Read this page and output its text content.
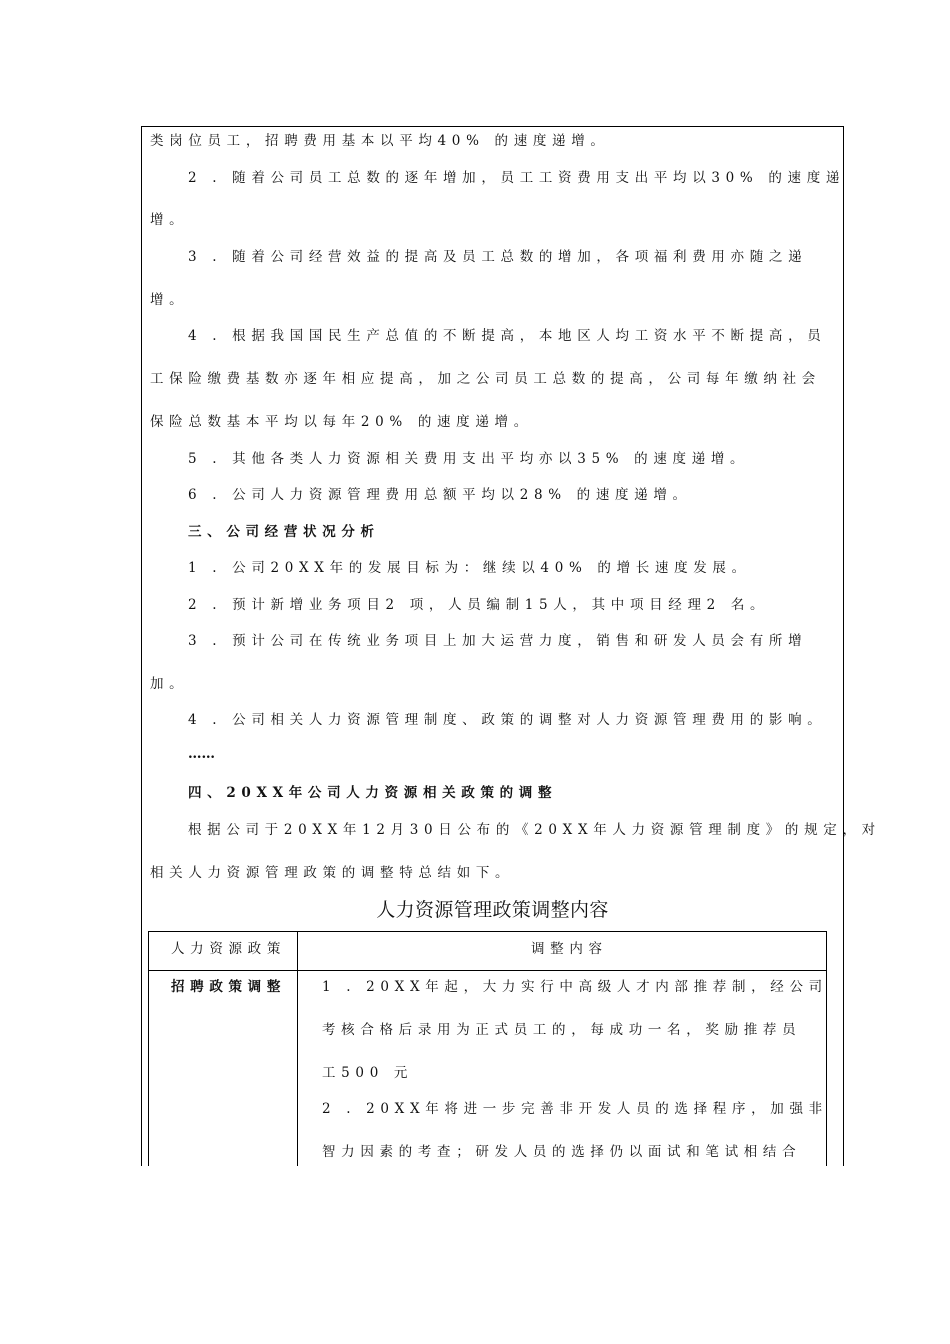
类岗位员工，招聘费用基本以平均40% 的速度递增。
2 . 随着公司员工总数的逐年增加，员工工资费用支出平均以30% 的速度递
增。
3 . 随着公司经营效益的提高及员工总数的增加，各项福利费用亦随之递
增。
4 . 根据我国国民生产总值的不断提高，本地区人均工资水平不断提高，员
工保险缴费基数亦逐年相应提高，加之公司员工总数的提高，公司每年缴纳社会
保险总数基本平均以每年20% 的速度递增。
5 . 其他各类人力资源相关费用支出平均亦以35% 的速度递增。
6 . 公司人力资源管理费用总额平均以28% 的速度递增。
三、公司经营状况分析
1 . 公司20XX年的发展目标为：继续以40% 的增长速度发展。
2 . 预计新增业务项目2 项，人员编制15人，其中项目经理2 名。
3 . 预计公司在传统业务项目上加大运营力度，销售和研发人员会有所增
加。
4 . 公司相关人力资源管理制度、政策的调整对人力资源管理费用的影响。
……
四、20XX年公司人力资源相关政策的调整
根据公司于20XX年12月30日公布的《20XX年人力资源管理制度》的规定，对
相关人力资源管理政策的调整特总结如下。
人力资源管理政策调整内容
人力资源政策	调整内容
招聘政策调整	1 . 20XX年起，大力实行中高级人才内部推荐制，经公司
考核合格后录用为正式员工的，每成功一名，奖励推荐员
工500 元
2 . 20XX年将进一步完善非开发人员的选择程序，加强非
智力因素的考查；研发人员的选择仍以面试和笔试相结合
